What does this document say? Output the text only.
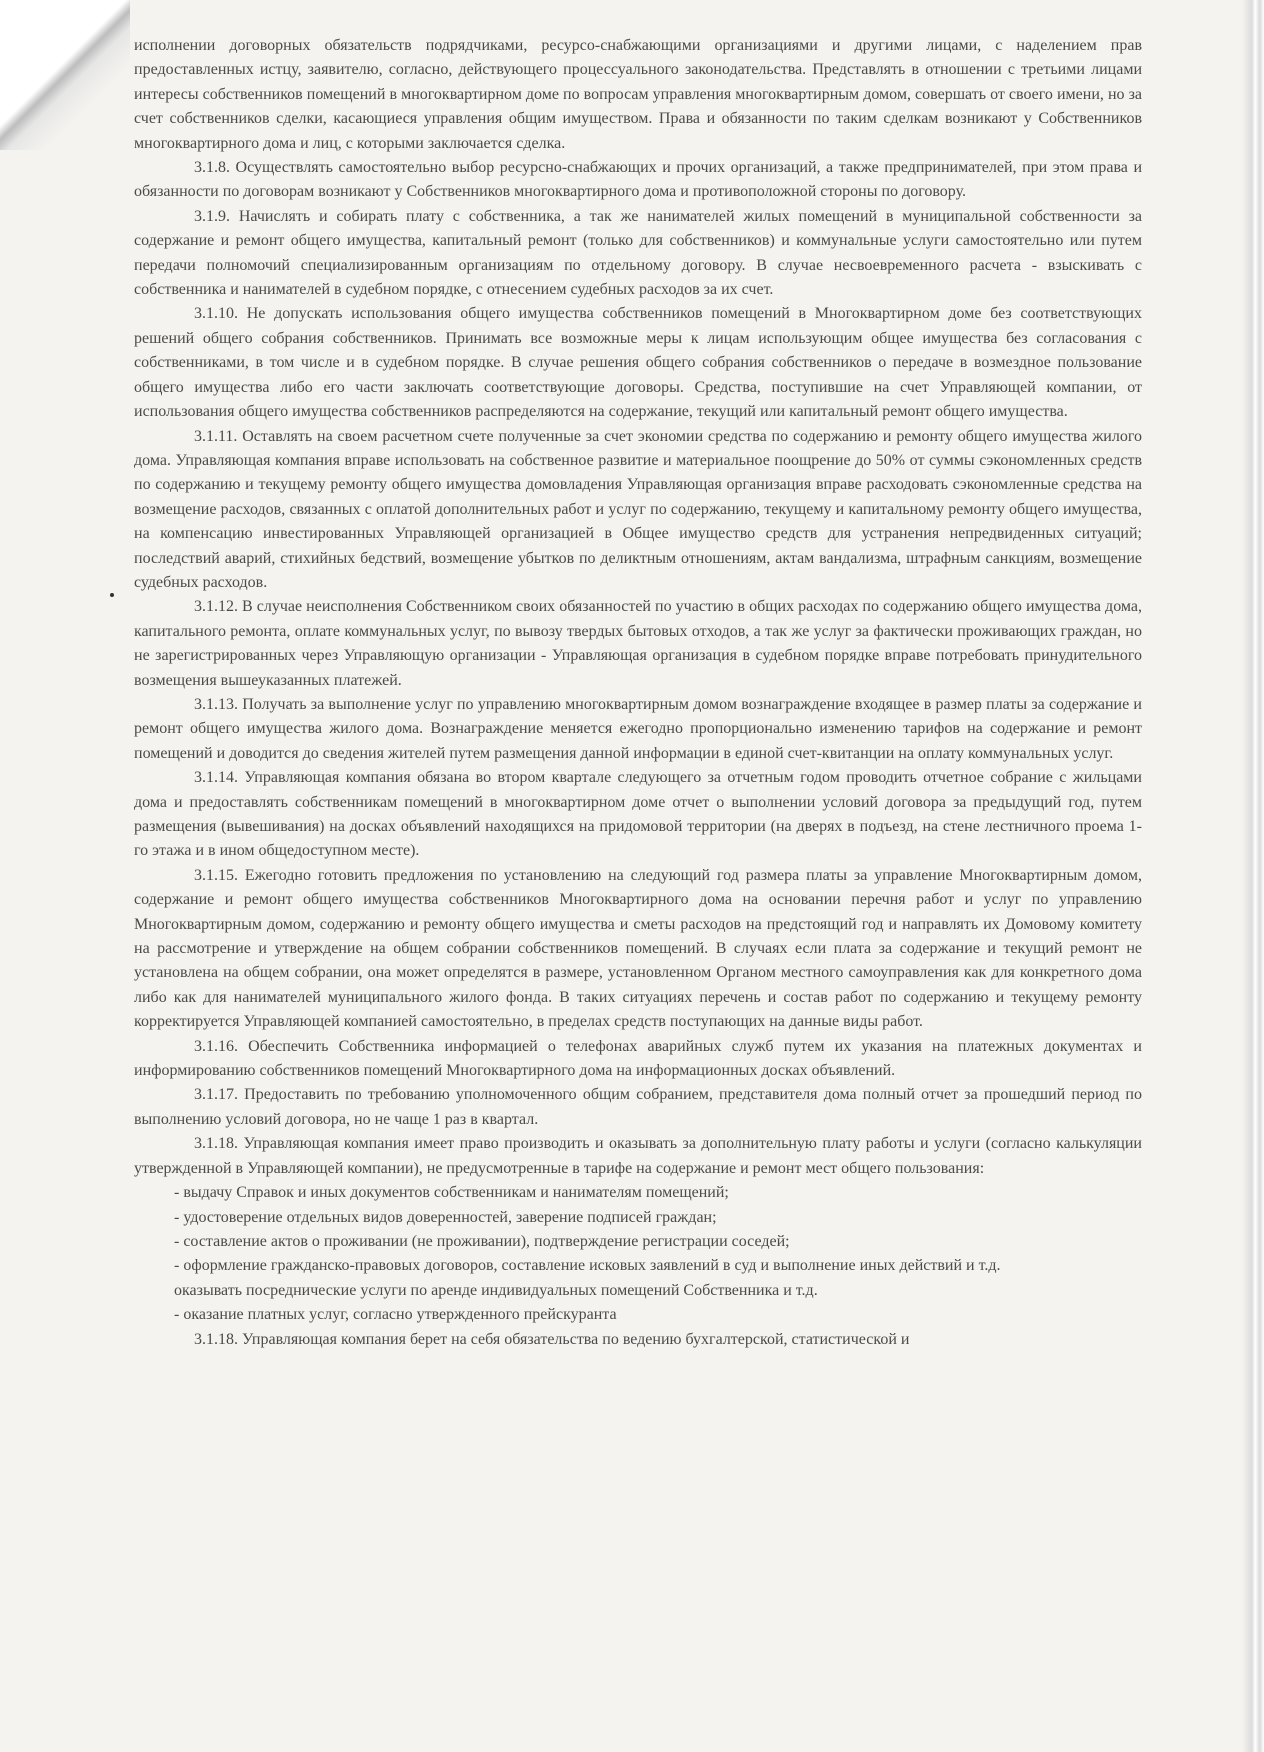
исполнении договорных обязательств подрядчиками, ресурсо-снабжающими организациями и другими лицами, с наделением прав предоставленных истцу, заявителю, согласно, действующего процессуального законодательства. Представлять в отношении с третьими лицами интересы собственников помещений в многоквартирном доме по вопросам управления многоквартирным домом, совершать от своего имени, но за счет собственников сделки, касающиеся управления общим имуществом. Права и обязанности по таким сделкам возникают у Собственников многоквартирного дома и лиц, с которыми заключается сделка.

3.1.8. Осуществлять самостоятельно выбор ресурсно-снабжающих и прочих организаций, а также предпринимателей, при этом права и обязанности по договорам возникают у Собственников многоквартирного дома и противоположной стороны по договору.

3.1.9. Начислять и собирать плату с собственника, а так же нанимателей жилых помещений в муниципальной собственности за содержание и ремонт общего имущества, капитальный ремонт (только для собственников) и коммунальные услуги самостоятельно или путем передачи полномочий специализированным организациям по отдельному договору. В случае несвоевременного расчета - взыскивать с собственника и нанимателей в судебном порядке, с отнесением судебных расходов за их счет.

3.1.10. Не допускать использования общего имущества собственников помещений в Многоквартирном доме без соответствующих решений общего собрания собственников. Принимать все возможные меры к лицам использующим общее имущества без согласования с собственниками, в том числе и в судебном порядке. В случае решения общего собрания собственников о передаче в возмездное пользование общего имущества либо его части заключать соответствующие договоры. Средства, поступившие на счет Управляющей компании, от использования общего имущества собственников распределяются на содержание, текущий или капитальный ремонт общего имущества.

3.1.11. Оставлять на своем расчетном счете полученные за счет экономии средства по содержанию и ремонту общего имущества жилого дома. Управляющая компания вправе использовать на собственное развитие и материальное поощрение до 50% от суммы сэкономленных средств по содержанию и текущему ремонту общего имущества домовладения Управляющая организация вправе расходовать сэкономленные средства на возмещение расходов, связанных с оплатой дополнительных работ и услуг по содержанию, текущему и капитальному ремонту общего имущества, на компенсацию инвестированных Управляющей организацией в Общее имущество средств для устранения непредвиденных ситуаций; последствий аварий, стихийных бедствий, возмещение убытков по деликтным отношениям, актам вандализма, штрафным санкциям, возмещение судебных расходов.

3.1.12. В случае неисполнения Собственником своих обязанностей по участию в общих расходах по содержанию общего имущества дома, капитального ремонта, оплате коммунальных услуг, по вывозу твердых бытовых отходов, а так же услуг за фактически проживающих граждан, но не зарегистрированных через Управляющую организации - Управляющая организация в судебном порядке вправе потребовать принудительного возмещения вышеуказанных платежей.

3.1.13. Получать за выполнение услуг по управлению многоквартирным домом вознаграждение входящее в размер платы за содержание и ремонт общего имущества жилого дома. Вознаграждение меняется ежегодно пропорционально изменению тарифов на содержание и ремонт помещений и доводится до сведения жителей путем размещения данной информации в единой счет-квитанции на оплату коммунальных услуг.

3.1.14. Управляющая компания обязана во втором квартале следующего за отчетным годом проводить отчетное собрание с жильцами дома и предоставлять собственникам помещений в многоквартирном доме отчет о выполнении условий договора за предыдущий год, путем размещения (вывешивания) на досках объявлений находящихся на придомовой территории (на дверях в подъезд, на стене лестничного проема 1-го этажа и в ином общедоступном месте).

3.1.15. Ежегодно готовить предложения по установлению на следующий год размера платы за управление Многоквартирным домом, содержание и ремонт общего имущества собственников Многоквартирного дома на основании перечня работ и услуг по управлению Многоквартирным домом, содержанию и ремонту общего имущества и сметы расходов на предстоящий год и направлять их Домовому комитету на рассмотрение и утверждение на общем собрании собственников помещений. В случаях если плата за содержание и текущий ремонт не установлена на общем собрании, она может определятся в размере, установленном Органом местного самоуправления как для конкретного дома либо как для нанимателей муниципального жилого фонда. В таких ситуациях перечень и состав работ по содержанию и текущему ремонту корректируется Управляющей компанией самостоятельно, в пределах средств поступающих на данные виды работ.

3.1.16. Обеспечить Собственника информацией о телефонах аварийных служб путем их указания на платежных документах и информированию собственников помещений Многоквартирного дома на информационных досках объявлений.

3.1.17. Предоставить по требованию уполномоченного общим собранием, представителя дома полный отчет за прошедший период по выполнению условий договора, но не чаще 1 раз в квартал.

3.1.18. Управляющая компания имеет право производить и оказывать за дополнительную плату работы и услуги (согласно калькуляции утвержденной в Управляющей компании), не предусмотренные в тарифе на содержание и ремонт мест общего пользования:

- выдачу Справок и иных документов собственникам и нанимателям помещений;

- удостоверение отдельных видов доверенностей, заверение подписей граждан;

- составление актов о проживании (не проживании), подтверждение регистрации соседей;

- оформление гражданско-правовых договоров, составление исковых заявлений в суд и выполнение иных действий и т.д.

оказывать посреднические услуги по аренде индивидуальных помещений Собственника и т.д.

- оказание платных услуг, согласно утвержденного прейскуранта

3.1.18. Управляющая компания берет на себя обязательства по ведению бухгалтерской, статистической и
